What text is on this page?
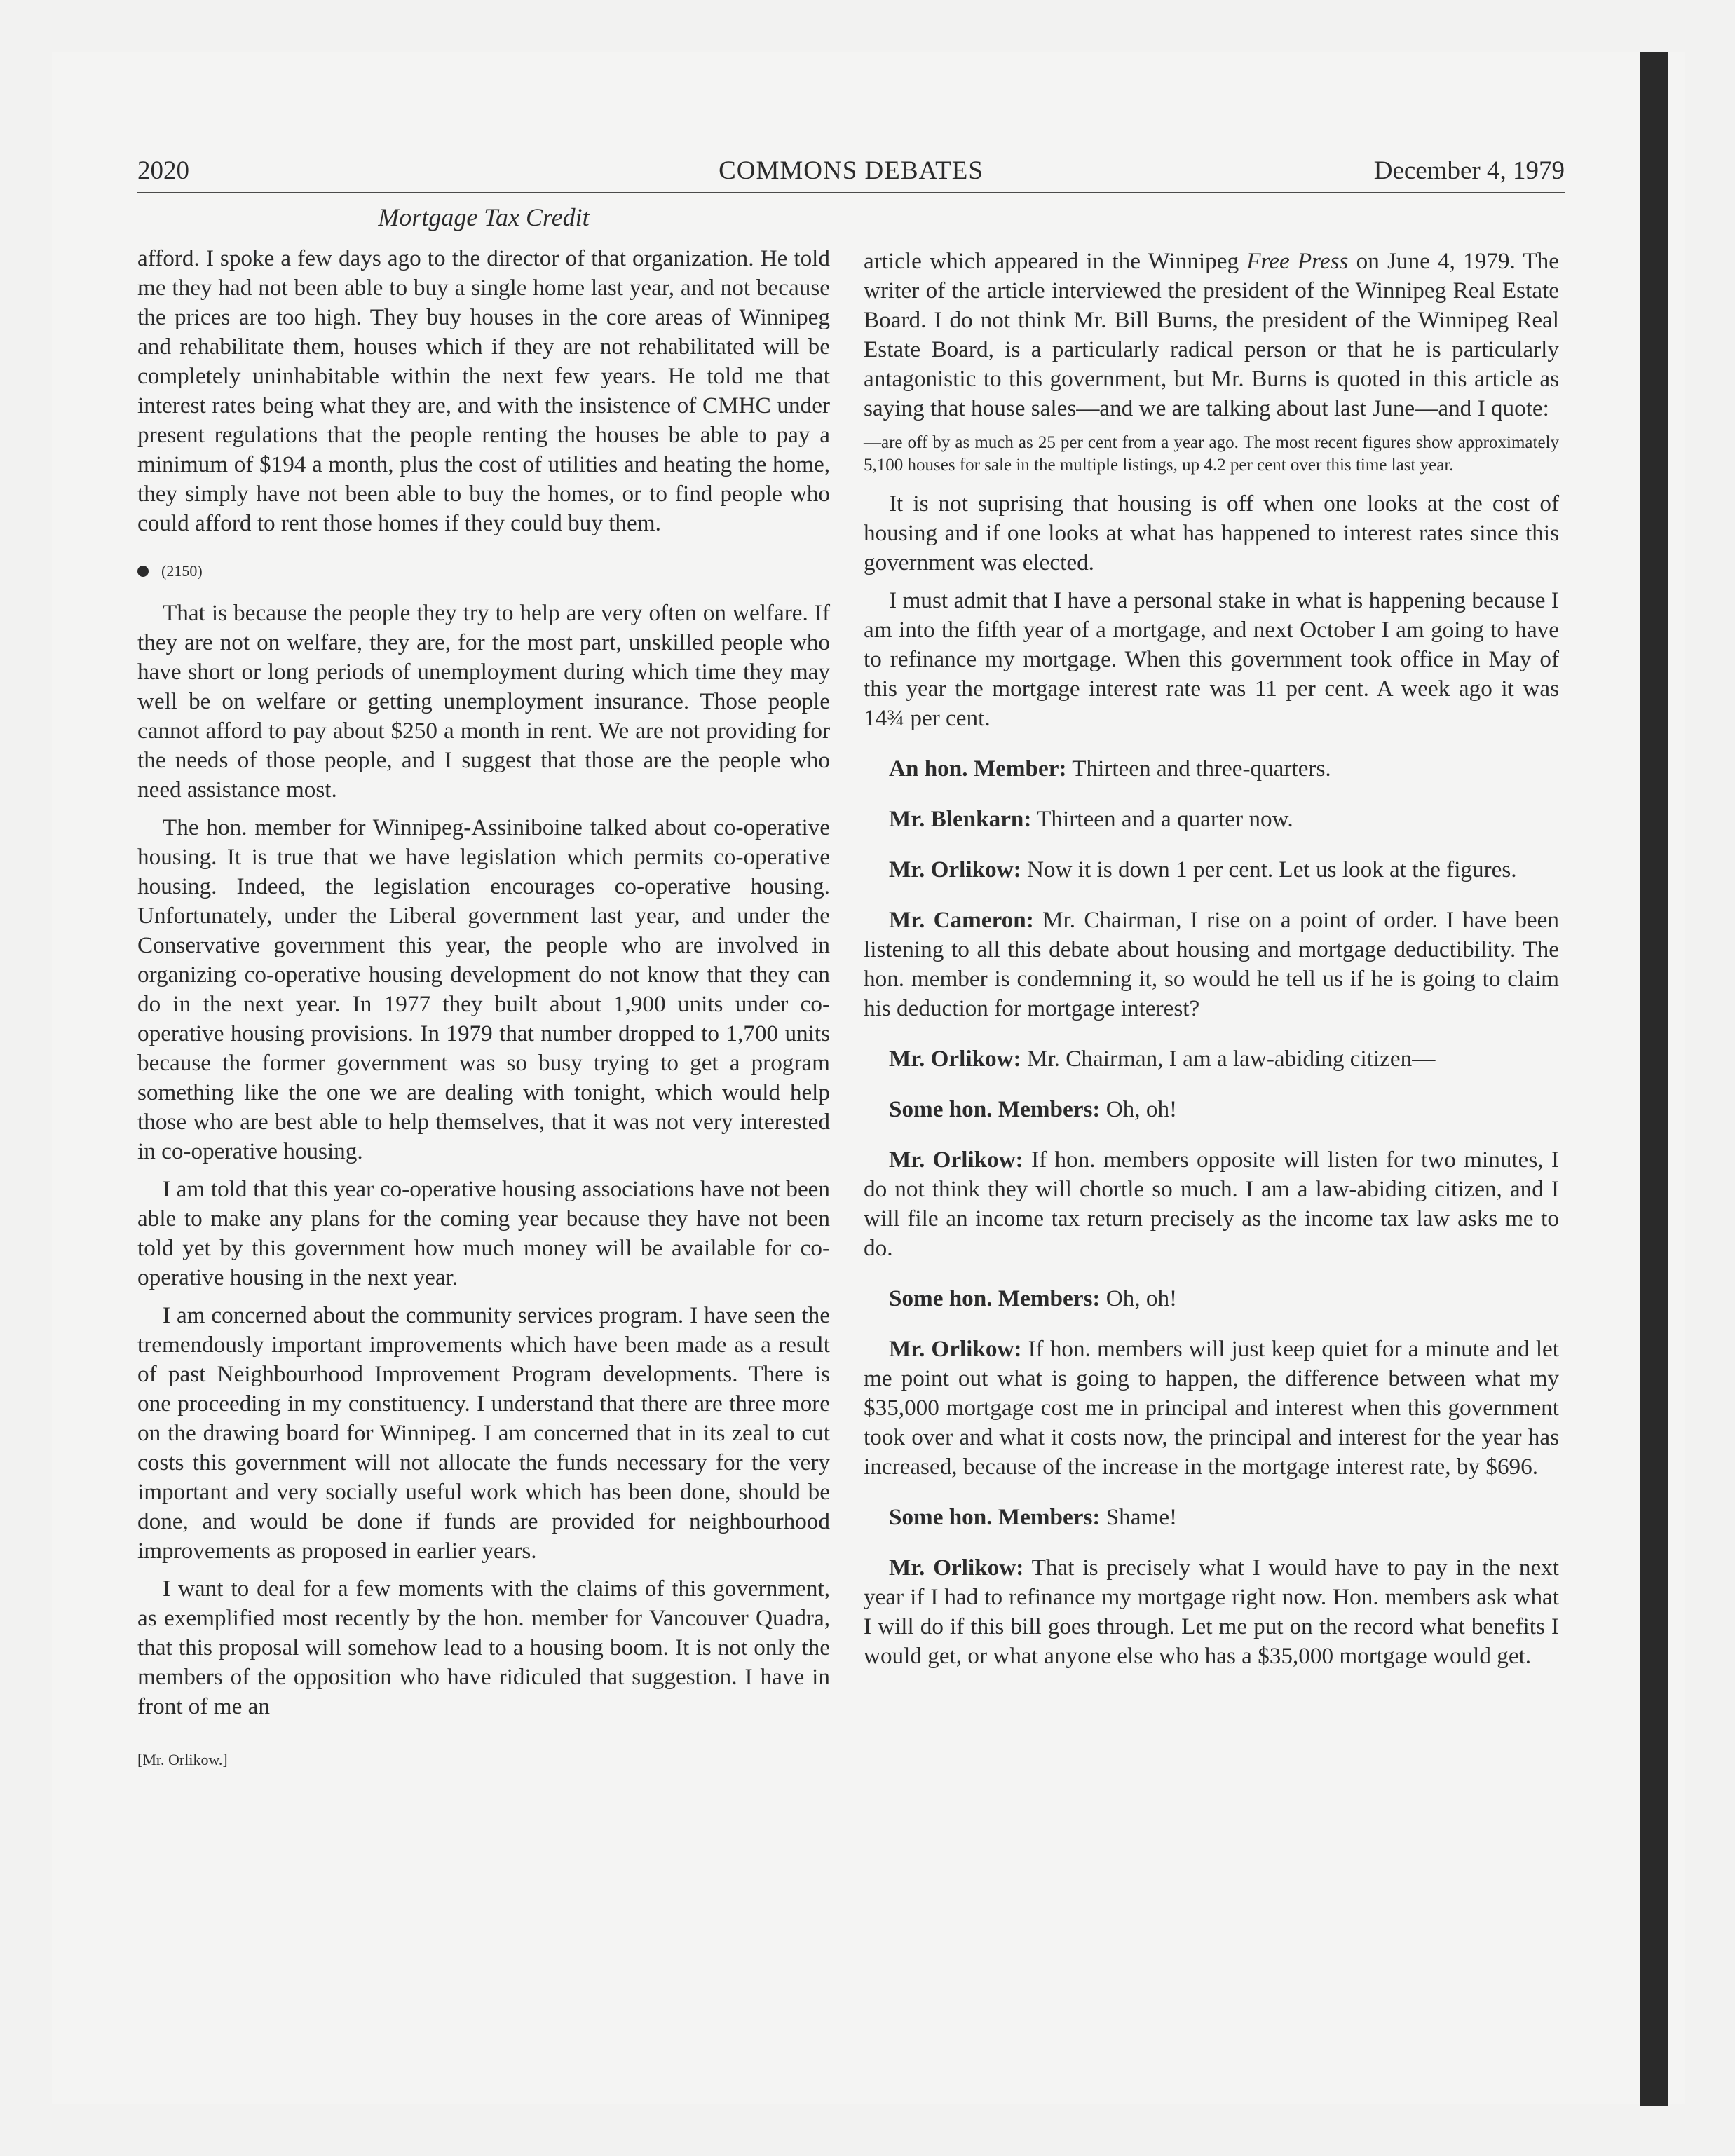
2020	COMMONS DEBATES	December 4, 1979
Mortgage Tax Credit

afford. I spoke a few days ago to the director of that organization. He told me they had not been able to buy a single home last year, and not because the prices are too high. They buy houses in the core areas of Winnipeg and rehabilitate them, houses which if they are not rehabilitated will be completely uninhabitable within the next few years. He told me that interest rates being what they are, and with the insistence of CMHC under present regulations that the people renting the houses be able to pay a minimum of $194 a month, plus the cost of utilities and heating the home, they simply have not been able to buy the homes, or to find people who could afford to rent those homes if they could buy them.

(2150)

That is because the people they try to help are very often on welfare. If they are not on welfare, they are, for the most part, unskilled people who have short or long periods of unemployment during which time they may well be on welfare or getting unemployment insurance. Those people cannot afford to pay about $250 a month in rent. We are not providing for the needs of those people, and I suggest that those are the people who need assistance most.

The hon. member for Winnipeg-Assiniboine talked about co-operative housing. It is true that we have legislation which permits co-operative housing. Indeed, the legislation encourages co-operative housing. Unfortunately, under the Liberal government last year, and under the Conservative government this year, the people who are involved in organizing co-operative housing development do not know that they can do in the next year. In 1977 they built about 1,900 units under co-operative housing provisions. In 1979 that number dropped to 1,700 units because the former government was so busy trying to get a program something like the one we are dealing with tonight, which would help those who are best able to help themselves, that it was not very interested in co-operative housing.

I am told that this year co-operative housing associations have not been able to make any plans for the coming year because they have not been told yet by this government how much money will be available for co-operative housing in the next year.

I am concerned about the community services program. I have seen the tremendously important improvements which have been made as a result of past Neighbourhood Improvement Program developments. There is one proceeding in my constituency. I understand that there are three more on the drawing board for Winnipeg. I am concerned that in its zeal to cut costs this government will not allocate the funds necessary for the very important and very socially useful work which has been done, should be done, and would be done if funds are provided for neighbourhood improvements as proposed in earlier years.

I want to deal for a few moments with the claims of this government, as exemplified most recently by the hon. member for Vancouver Quadra, that this proposal will somehow lead to a housing boom. It is not only the members of the opposition who have ridiculed that suggestion. I have in front of me an

[Mr. Orlikow.]

article which appeared in the Winnipeg Free Press on June 4, 1979. The writer of the article interviewed the president of the Winnipeg Real Estate Board. I do not think Mr. Bill Burns, the president of the Winnipeg Real Estate Board, is a particularly radical person or that he is particularly antagonistic to this government, but Mr. Burns is quoted in this article as saying that house sales—and we are talking about last June—and I quote:

—are off by as much as 25 per cent from a year ago. The most recent figures show approximately 5,100 houses for sale in the multiple listings, up 4.2 per cent over this time last year.

It is not suprising that housing is off when one looks at the cost of housing and if one looks at what has happened to interest rates since this government was elected.

I must admit that I have a personal stake in what is happening because I am into the fifth year of a mortgage, and next October I am going to have to refinance my mortgage. When this government took office in May of this year the mortgage interest rate was 11 per cent. A week ago it was 14¾ per cent.

An hon. Member: Thirteen and three-quarters.

Mr. Blenkarn: Thirteen and a quarter now.

Mr. Orlikow: Now it is down 1 per cent. Let us look at the figures.

Mr. Cameron: Mr. Chairman, I rise on a point of order. I have been listening to all this debate about housing and mortgage deductibility. The hon. member is condemning it, so would he tell us if he is going to claim his deduction for mortgage interest?

Mr. Orlikow: Mr. Chairman, I am a law-abiding citizen—

Some hon. Members: Oh, oh!

Mr. Orlikow: If hon. members opposite will listen for two minutes, I do not think they will chortle so much. I am a law-abiding citizen, and I will file an income tax return precisely as the income tax law asks me to do.

Some hon. Members: Oh, oh!

Mr. Orlikow: If hon. members will just keep quiet for a minute and let me point out what is going to happen, the difference between what my $35,000 mortgage cost me in principal and interest when this government took over and what it costs now, the principal and interest for the year has increased, because of the increase in the mortgage interest rate, by $696.

Some hon. Members: Shame!

Mr. Orlikow: That is precisely what I would have to pay in the next year if I had to refinance my mortgage right now. Hon. members ask what I will do if this bill goes through. Let me put on the record what benefits I would get, or what anyone else who has a $35,000 mortgage would get.
